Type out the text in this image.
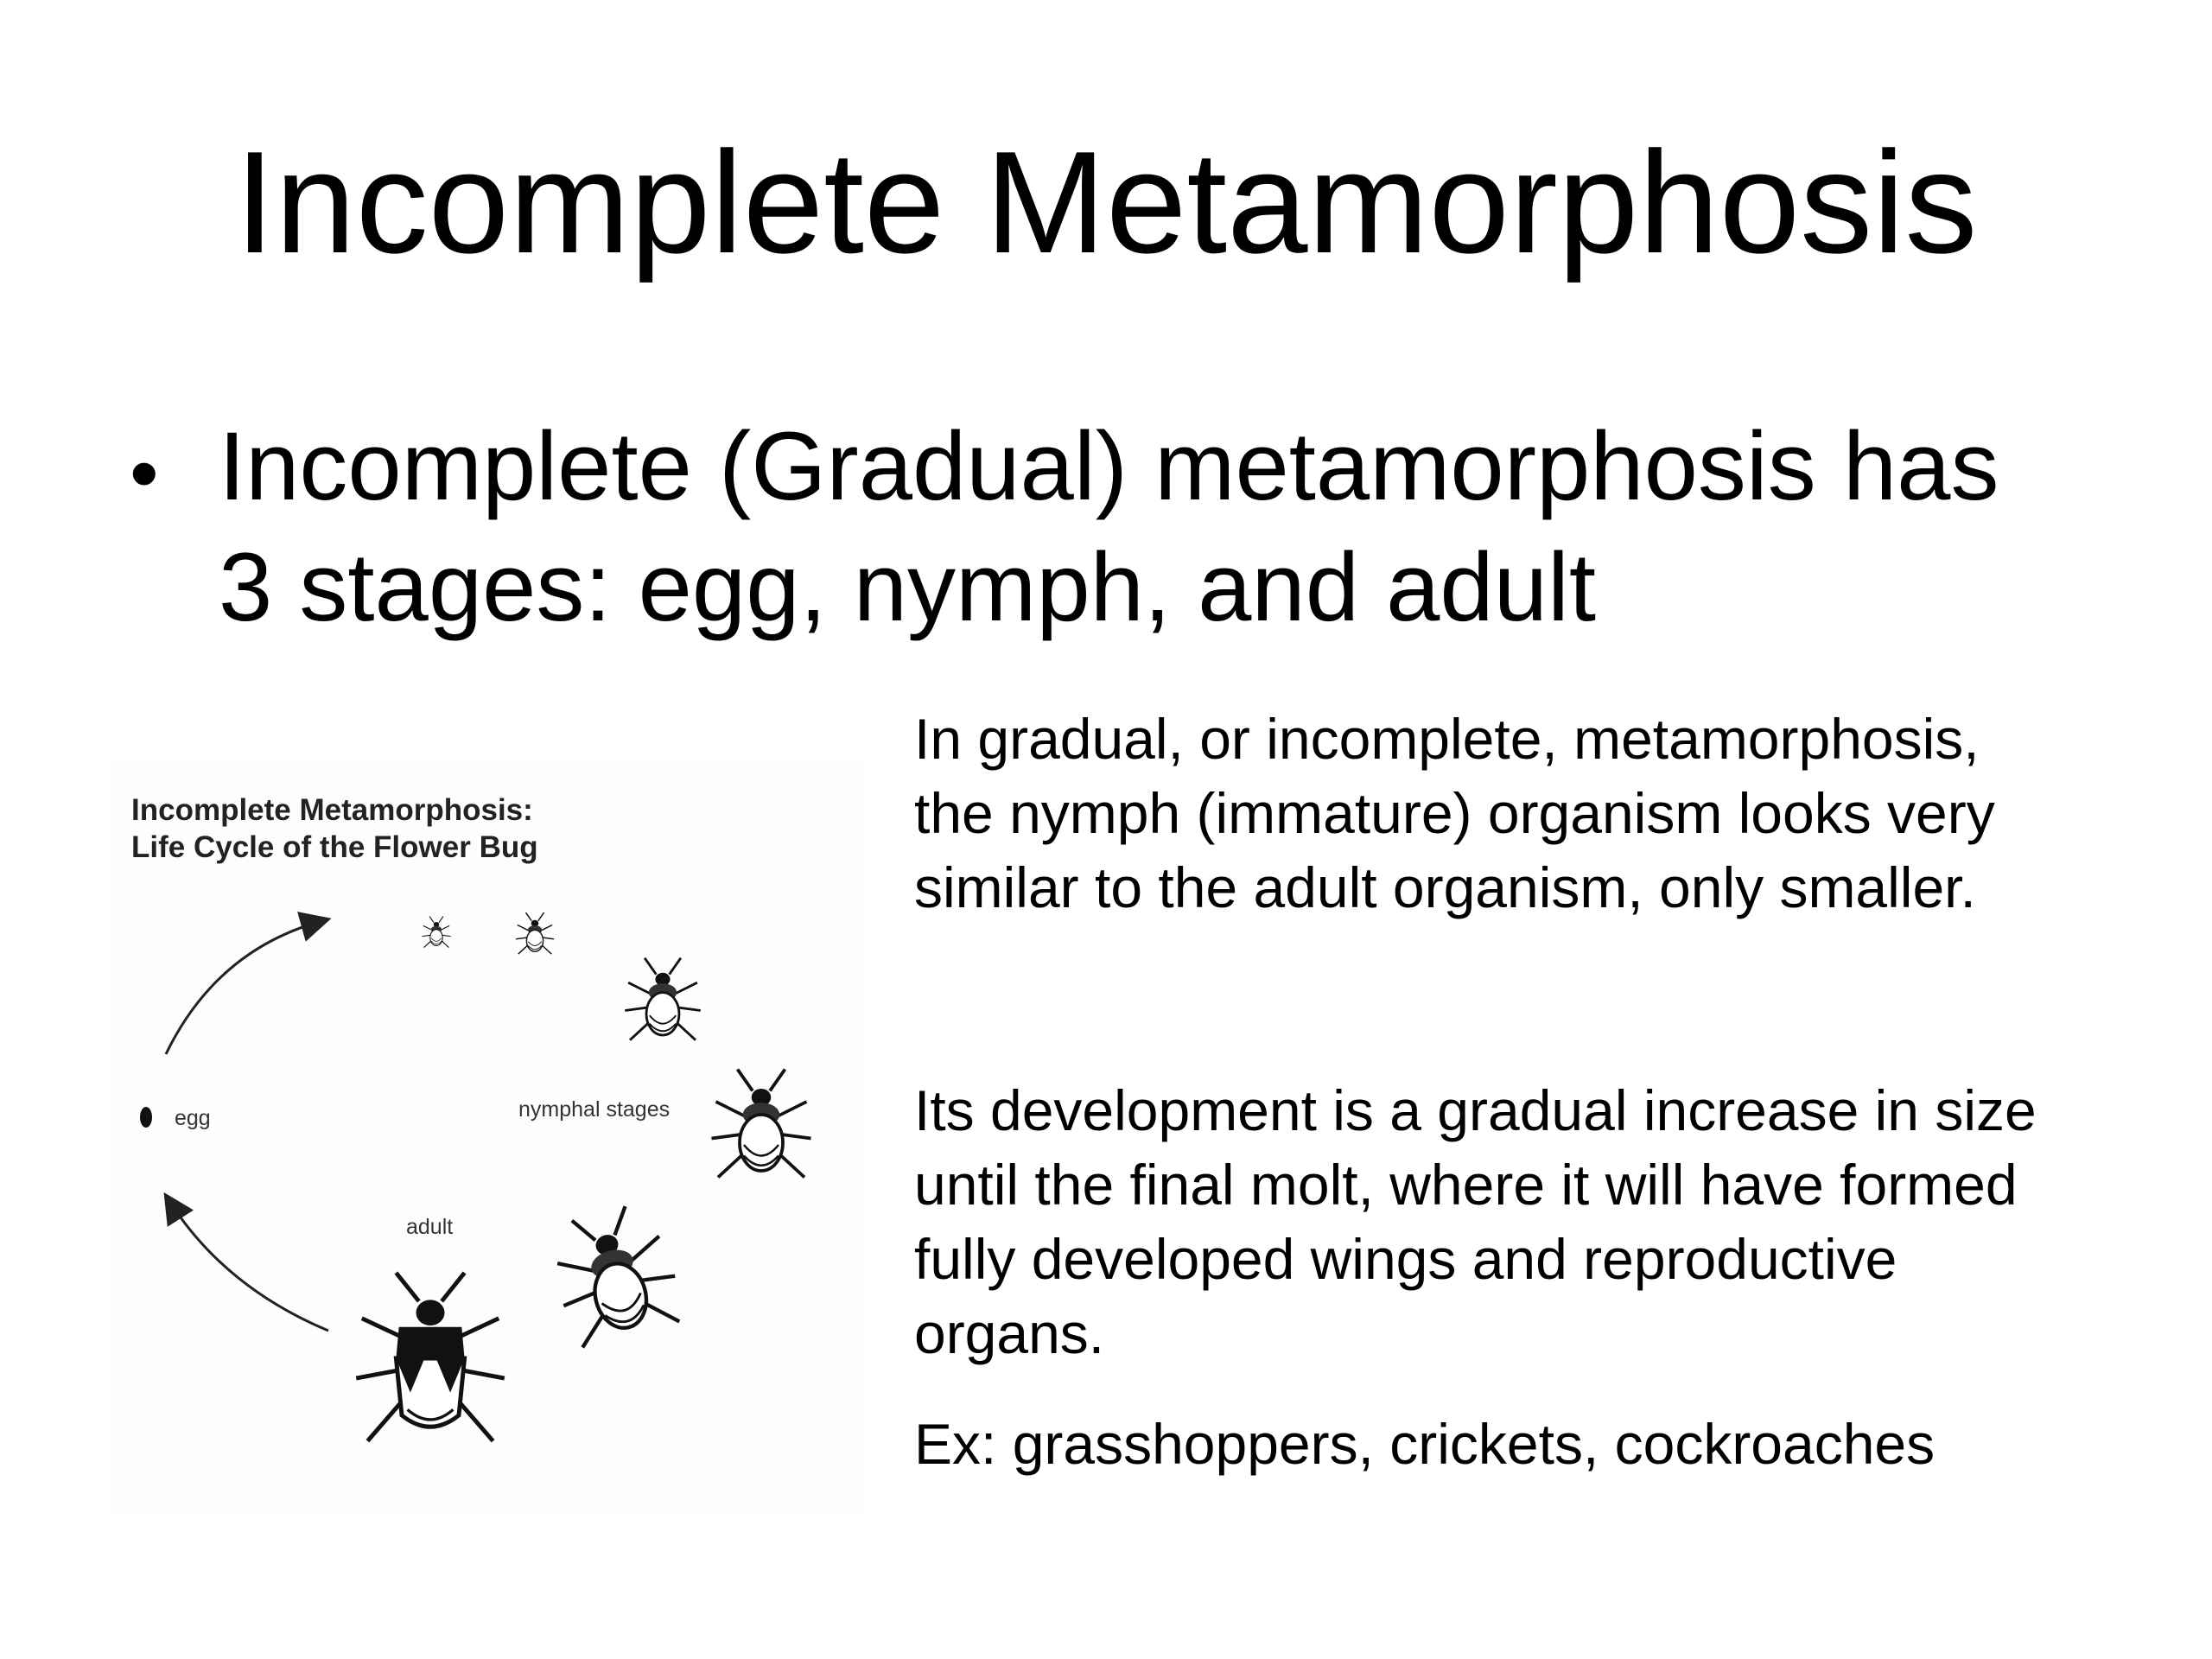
Incomplete Metamorphosis
• Incomplete (Gradual) metamorphosis has
3 stages: egg, nymph, and adult
Incomplete Metamorphosis:
Life Cycle of the Flower Bug
egg	nymphal stages
adult
In gradual, or incomplete, metamorphosis,
the nymph (immature) organism looks very
similar to the adult organism, only smaller.
Its development is a gradual increase in size
until the final molt, where it will have formed
fully developed wings and reproductive
organs.
Ex: grasshoppers, crickets, cockroaches
